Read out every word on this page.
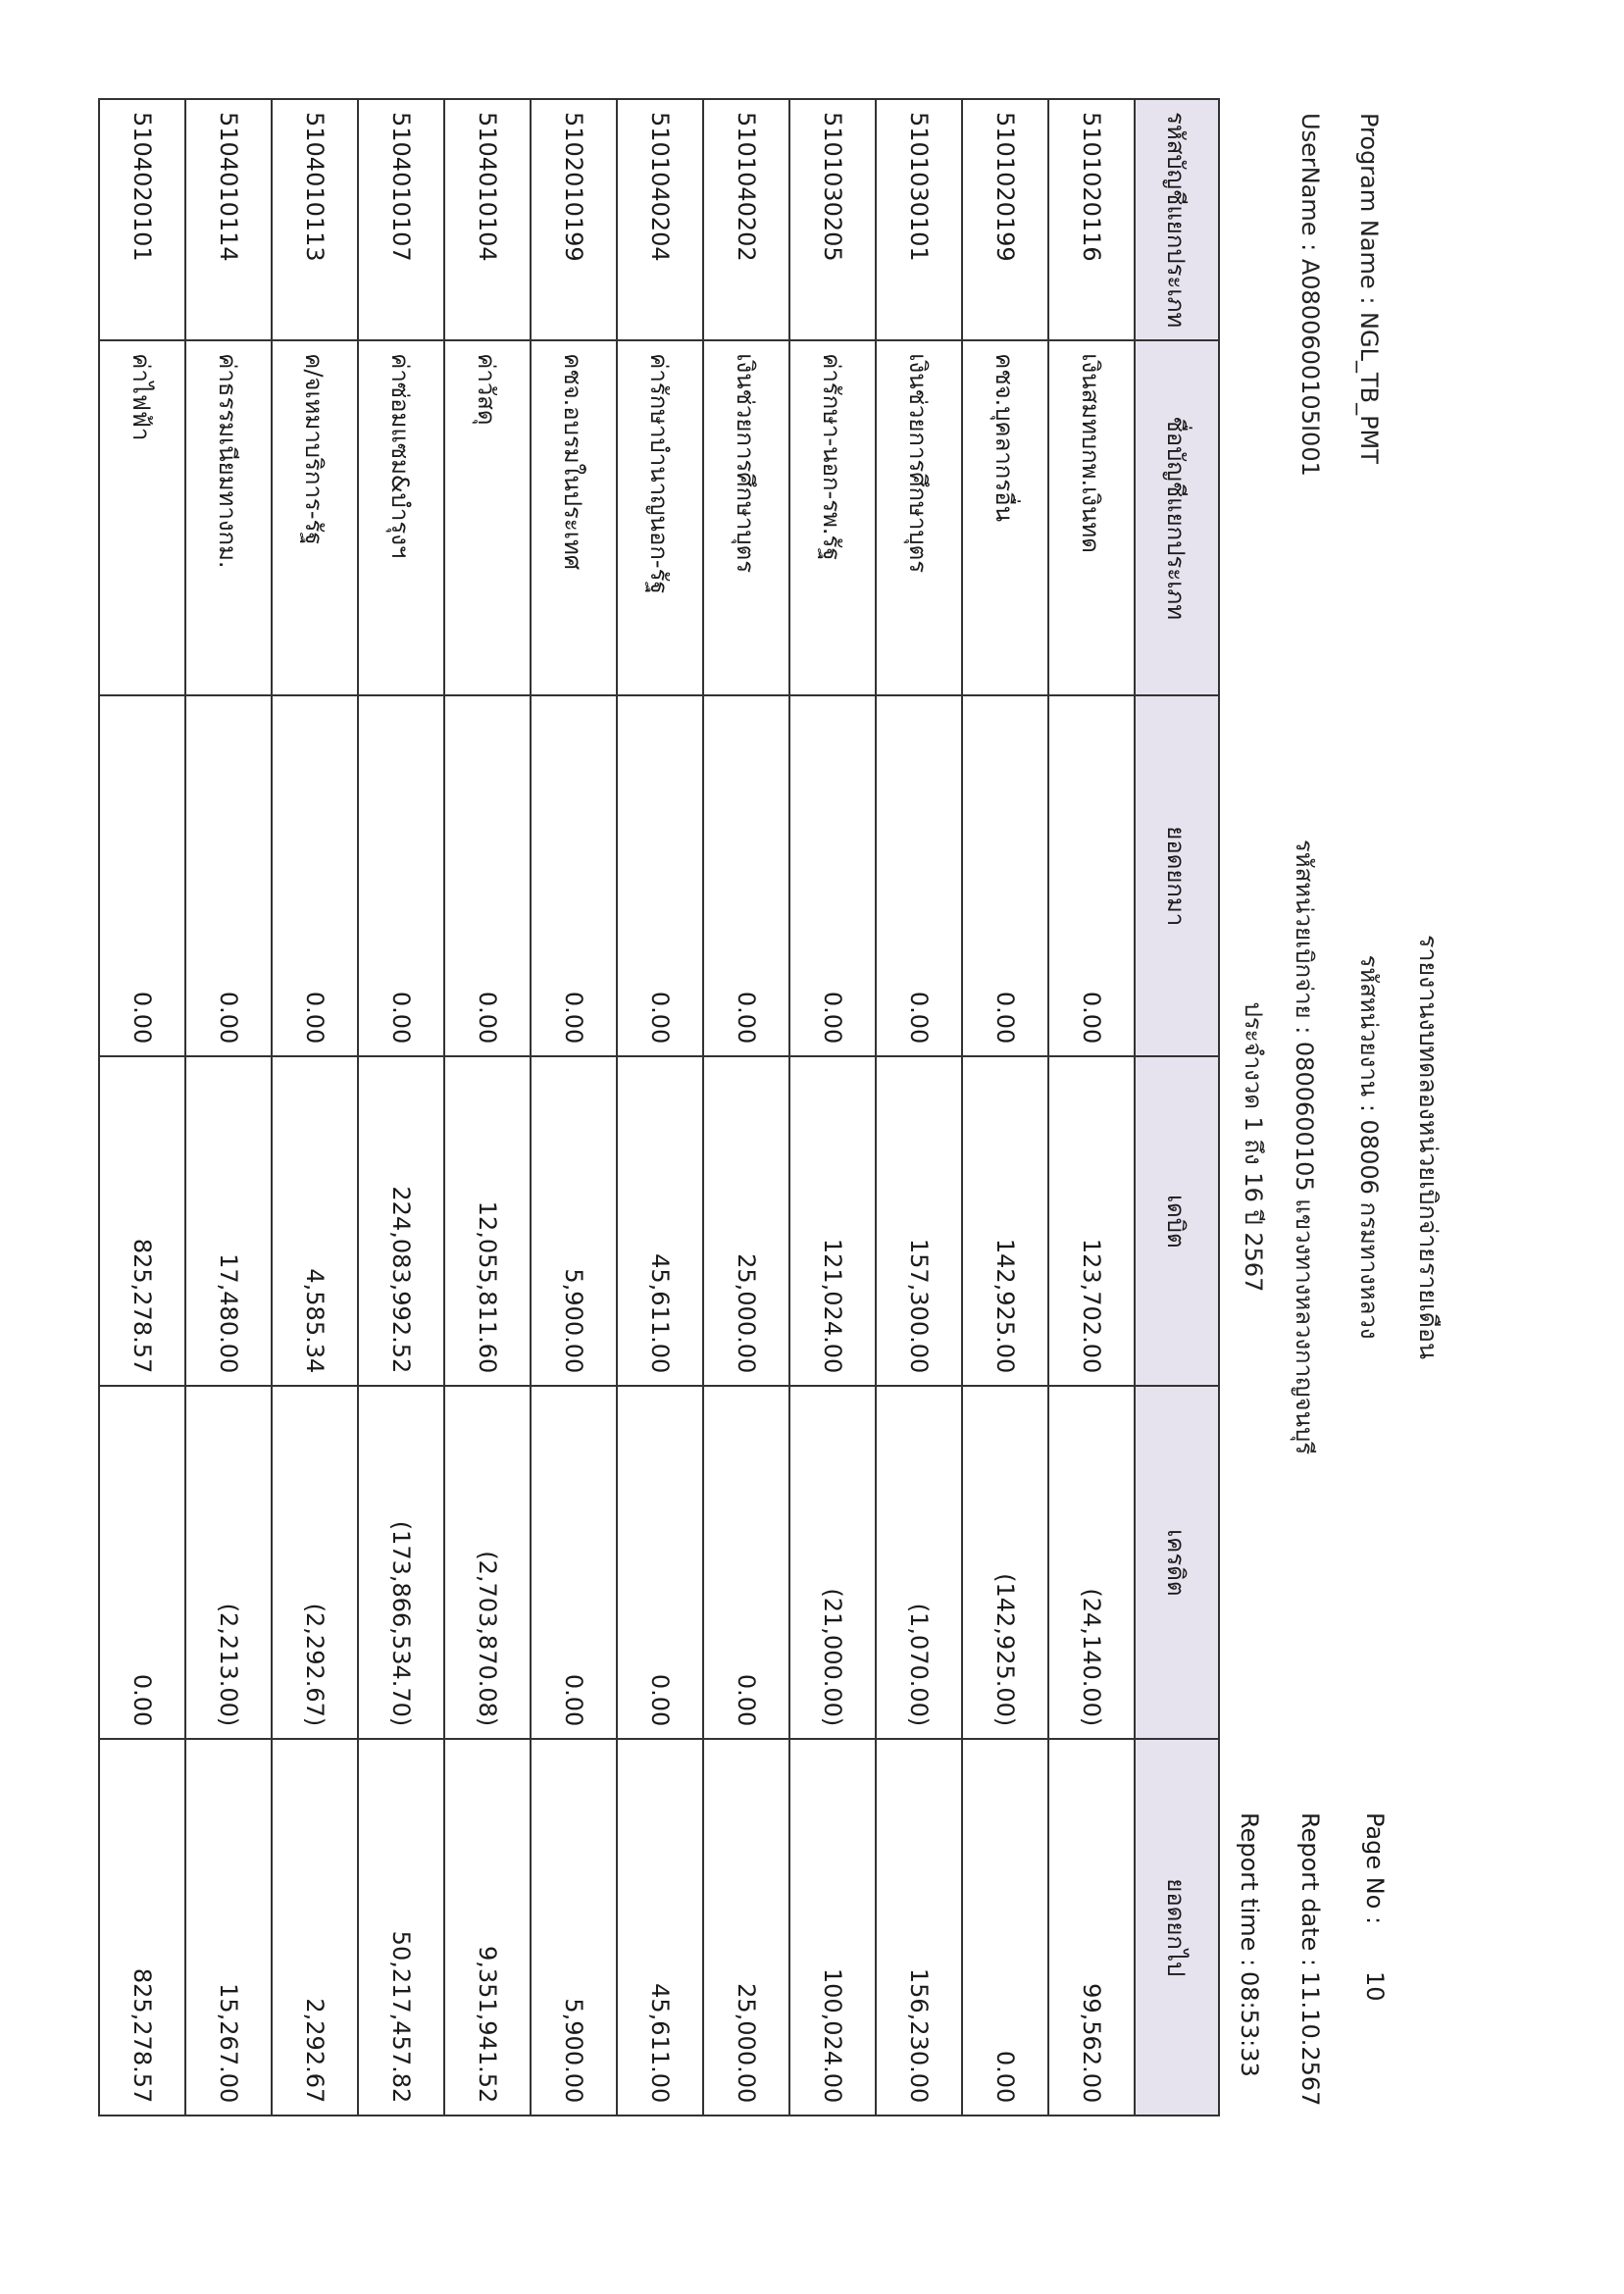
Program Name : NGL_TB_PMT
UserName : A0800600105I001
รายงานงบทดลองหน่วยเบิกจ่ายรายเดือน
รหัสหน่วยงาน : 08006 กรมทางหลวง
รหัสหน่วยเบิกจ่าย : 0800600105 แขวงทางหลวงกาญจนบุรี
ประจำงวด 1 ถึง 16 ปี 2567
Page No :
10
Report date :
11.10.2567
Report time :
08:53:33
รหัสบัญชีแยกประเภท	ชื่อบัญชีแยกประเภท	ยอดยกมา	เดบิต	เครดิต	ยอดยกไป
5101020116	เงินสมทบกพ.เงินทด	0.00	123,702.00	(24,140.00)	99,562.00
5101020199	คชจ.บุคลากรอื่น	0.00	142,925.00	(142,925.00)	0.00
5101030101	เงินช่วยการศึกษาบุตร	0.00	157,300.00	(1,070.00)	156,230.00
5101030205	ค่ารักษา-นอก-รพ.รัฐ	0.00	121,024.00	(21,000.00)	100,024.00
5101040202	เงินช่วยการศึกษาบุตร	0.00	25,000.00	0.00	25,000.00
5101040204	ค่ารักษาบำนาญนอก-รัฐ	0.00	45,611.00	0.00	45,611.00
5102010199	คชจ.อบรมในประเทศ	0.00	5,900.00	0.00	5,900.00
5104010104	ค่าวัสดุ	0.00	12,055,811.60	(2,703,870.08)	9,351,941.52
5104010107	ค่าซ่อมแซม&บำรุงฯ	0.00	224,083,992.52	(173,866,534.70)	50,217,457.82
5104010113	ค/จเหมาบริการ-รัฐ	0.00	4,585.34	(2,292.67)	2,292.67
5104010114	ค่าธรรมเนียมทางกม.	0.00	17,480.00	(2,213.00)	15,267.00
5104020101	ค่าไฟฟ้า	0.00	825,278.57	0.00	825,278.57
